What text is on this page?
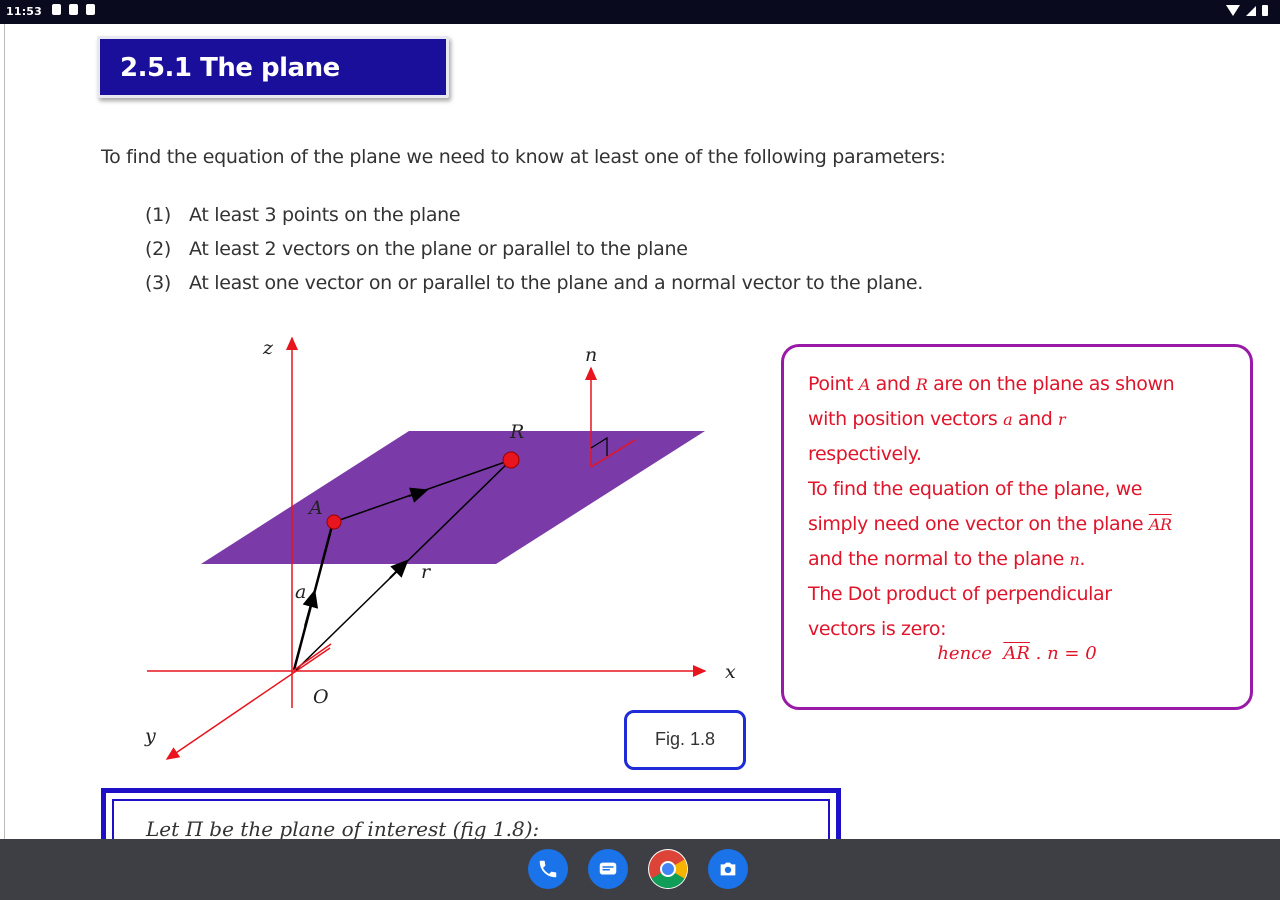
11:53
2.5.1 The plane
To find the equation of the plane we need to know at least one of the following parameters:
(1) At least 3 points on the plane
(2) At least 2 vectors on the plane or parallel to the plane
(3) At least one vector on or parallel to the plane and a normal vector to the plane.
z
x
y
O
A
R
a
r
n
Point A and R are on the plane as shown
with position vectors a and r
respectively.
To find the equation of the plane, we
simply need one vector on the plane $\overline{AR}$
and the normal to the plane n.
The Dot product of perpendicular
vectors is zero:
hence $\overline{AR}$ . n = 0
Fig. 1.8
Let Π be the plane of interest (fig 1.8):
